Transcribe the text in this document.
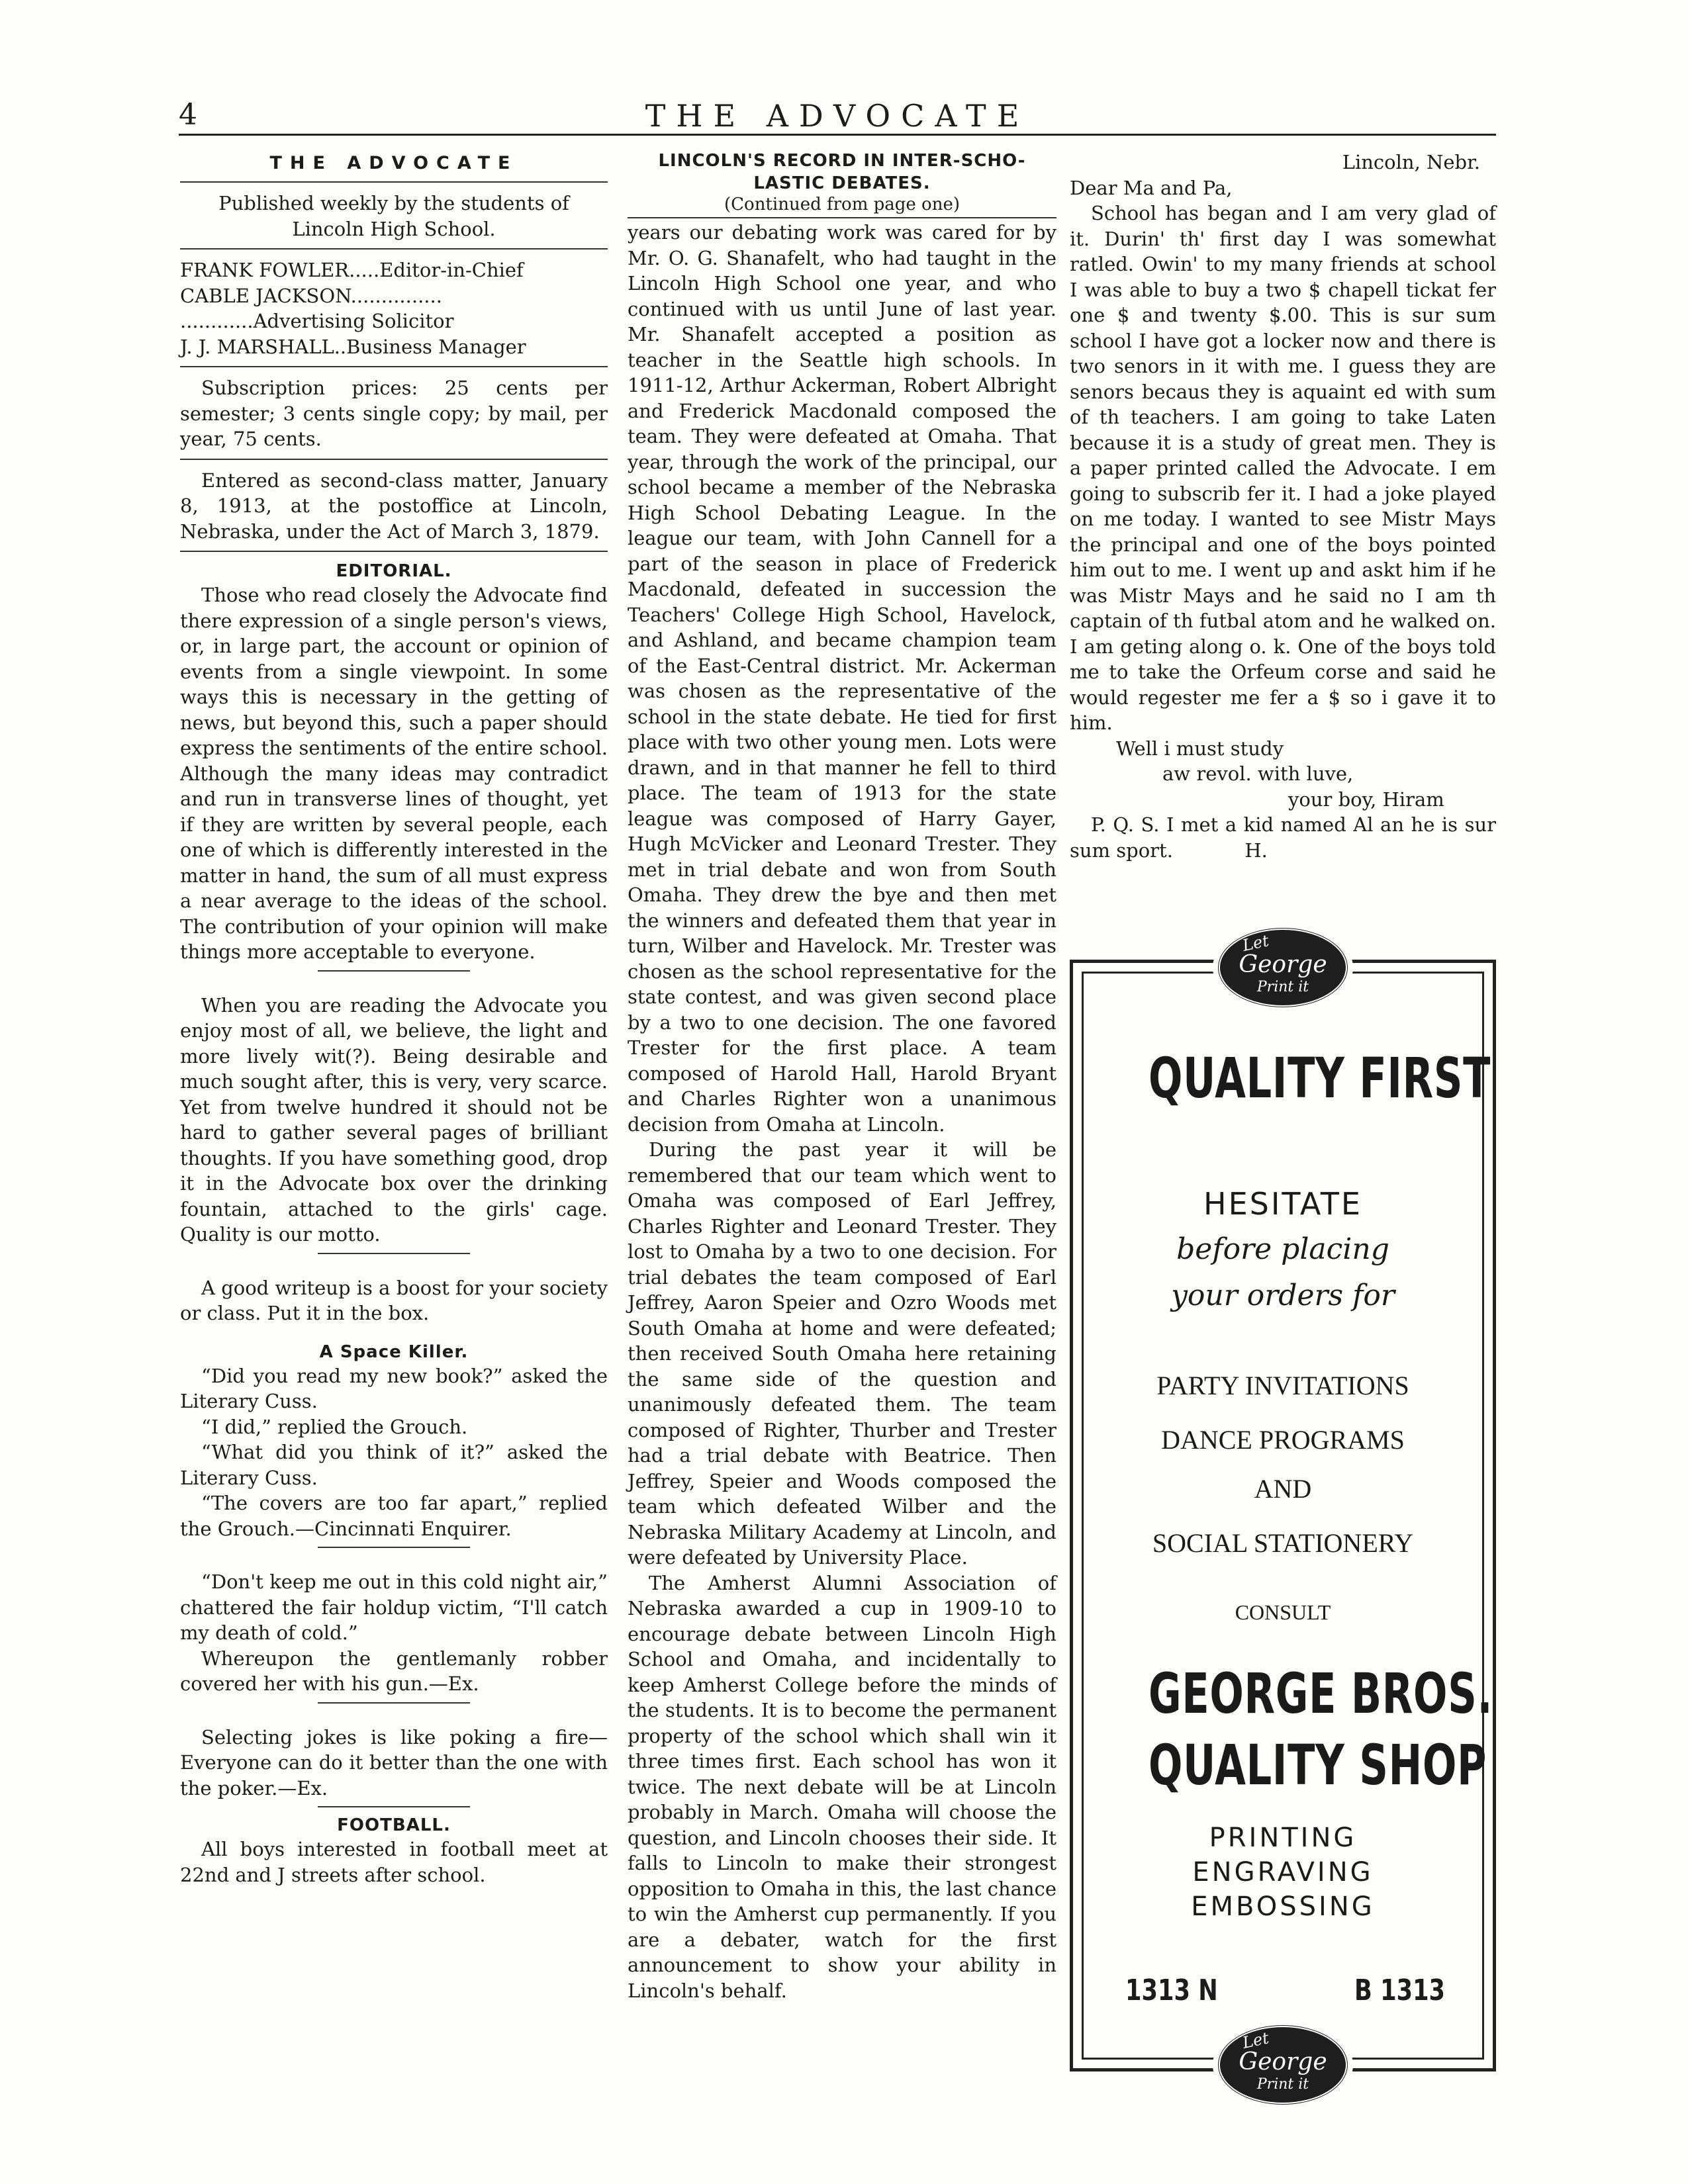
4	THE ADVOCATE
THE ADVOCATE

Published weekly by the students of

Lincoln High School.

FRANK FOWLER.....Editor-in-Chief

CABLE JACKSON...............

............Advertising Solicitor

J. J. MARSHALL..Business Manager

Subscription prices: 25 cents per semester; 3 cents single copy; by mail, per year, 75 cents.

Entered as second-class matter, January 8, 1913, at the postoffice at Lincoln, Nebraska, under the Act of March 3, 1879.

EDITORIAL.

Those who read closely the Advocate find there expression of a single person's views, or, in large part, the account or opinion of events from a single viewpoint. In some ways this is necessary in the getting of news, but beyond this, such a paper should express the sentiments of the entire school. Although the many ideas may contradict and run in transverse lines of thought, yet if they are written by several people, each one of which is differently interested in the matter in hand, the sum of all must express a near average to the ideas of the school. The contribution of your opinion will make things more acceptable to everyone.

When you are reading the Advocate you enjoy most of all, we believe, the light and more lively wit(?). Being desirable and much sought after, this is very, very scarce. Yet from twelve hundred it should not be hard to gather several pages of brilliant thoughts. If you have something good, drop it in the Advocate box over the drinking fountain, attached to the girls' cage. Quality is our motto.

A good writeup is a boost for your society or class. Put it in the box.

A Space Killer.

“Did you read my new book?” asked the Literary Cuss.

“I did,” replied the Grouch.

“What did you think of it?” asked the Literary Cuss.

“The covers are too far apart,” replied the Grouch.—Cincinnati Enquirer.

“Don't keep me out in this cold night air,” chattered the fair holdup victim, “I'll catch my death of cold.”

Whereupon the gentlemanly robber covered her with his gun.—Ex.

Selecting jokes is like poking a fire—Everyone can do it better than the one with the poker.—Ex.

FOOTBALL.

All boys interested in football meet at 22nd and J streets after school.

LINCOLN'S RECORD IN INTER-SCHO-
LASTIC DEBATES.

(Continued from page one)

years our debating work was cared for by Mr. O. G. Shanafelt, who had taught in the Lincoln High School one year, and who continued with us until June of last year. Mr. Shanafelt accepted a position as teacher in the Seattle high schools. In 1911-12, Arthur Ackerman, Robert Albright and Frederick Macdonald composed the team. They were defeated at Omaha. That year, through the work of the principal, our school became a member of the Nebraska High School Debating League. In the league our team, with John Cannell for a part of the season in place of Frederick Macdonald, defeated in succession the Teachers' College High School, Havelock, and Ashland, and became champion team of the East-Central district. Mr. Ackerman was chosen as the representative of the school in the state debate. He tied for first place with two other young men. Lots were drawn, and in that manner he fell to third place. The team of 1913 for the state league was composed of Harry Gayer, Hugh McVicker and Leonard Trester. They met in trial debate and won from South Omaha. They drew the bye and then met the winners and defeated them that year in turn, Wilber and Havelock. Mr. Trester was chosen as the school representative for the state contest, and was given second place by a two to one decision. The one favored Trester for the first place. A team composed of Harold Hall, Harold Bryant and Charles Righter won a unanimous decision from Omaha at Lincoln.

During the past year it will be remembered that our team which went to Omaha was composed of Earl Jeffrey, Charles Righter and Leonard Trester. They lost to Omaha by a two to one decision. For trial debates the team composed of Earl Jeffrey, Aaron Speier and Ozro Woods met South Omaha at home and were defeated; then received South Omaha here retaining the same side of the question and unanimously defeated them. The team composed of Righter, Thurber and Trester had a trial debate with Beatrice. Then Jeffrey, Speier and Woods composed the team which defeated Wilber and the Nebraska Military Academy at Lincoln, and were defeated by University Place.

The Amherst Alumni Association of Nebraska awarded a cup in 1909-10 to encourage debate between Lincoln High School and Omaha, and incidentally to keep Amherst College before the minds of the students. It is to become the permanent property of the school which shall win it three times first. Each school has won it twice. The next debate will be at Lincoln probably in March. Omaha will choose the question, and Lincoln chooses their side. It falls to Lincoln to make their strongest opposition to Omaha in this, the last chance to win the Amherst cup permanently. If you are a debater, watch for the first announcement to show your ability in Lincoln's behalf.

Lincoln, Nebr.

Dear Ma and Pa,

School has began and I am very glad of it. Durin' th' first day I was somewhat ratled. Owin' to my many friends at school I was able to buy a two $ chapell tickat fer one $ and twenty $.00. This is sur sum school I have got a locker now and there is two senors in it with me. I guess they are senors becaus they is aquaint ed with sum of th teachers. I am going to take Laten because it is a study of great men. They is a paper printed called the Advocate. I em going to subscrib fer it. I had a joke played on me today. I wanted to see Mistr Mays the principal and one of the boys pointed him out to me. I went up and askt him if he was Mistr Mays and he said no I am th captain of th futbal atom and he walked on. I am geting along o. k. One of the boys told me to take the Orfeum corse and said he would regester me fer a $ so i gave it to him.

Well i must study

aw revol. with luve,

your boy, Hiram

P. Q. S. I met a kid named Al an he is sur sum sport.	H.

Let
George
Print it
QUALITY FIRST
HESITATE
before placing
your orders for
PARTY INVITATIONS
DANCE PROGRAMS
AND
SOCIAL STATIONERY
CONSULT
GEORGE BROS.
QUALITY SHOP
PRINTING
ENGRAVING
EMBOSSING
1313 N	B 1313
Let
George
Print it
